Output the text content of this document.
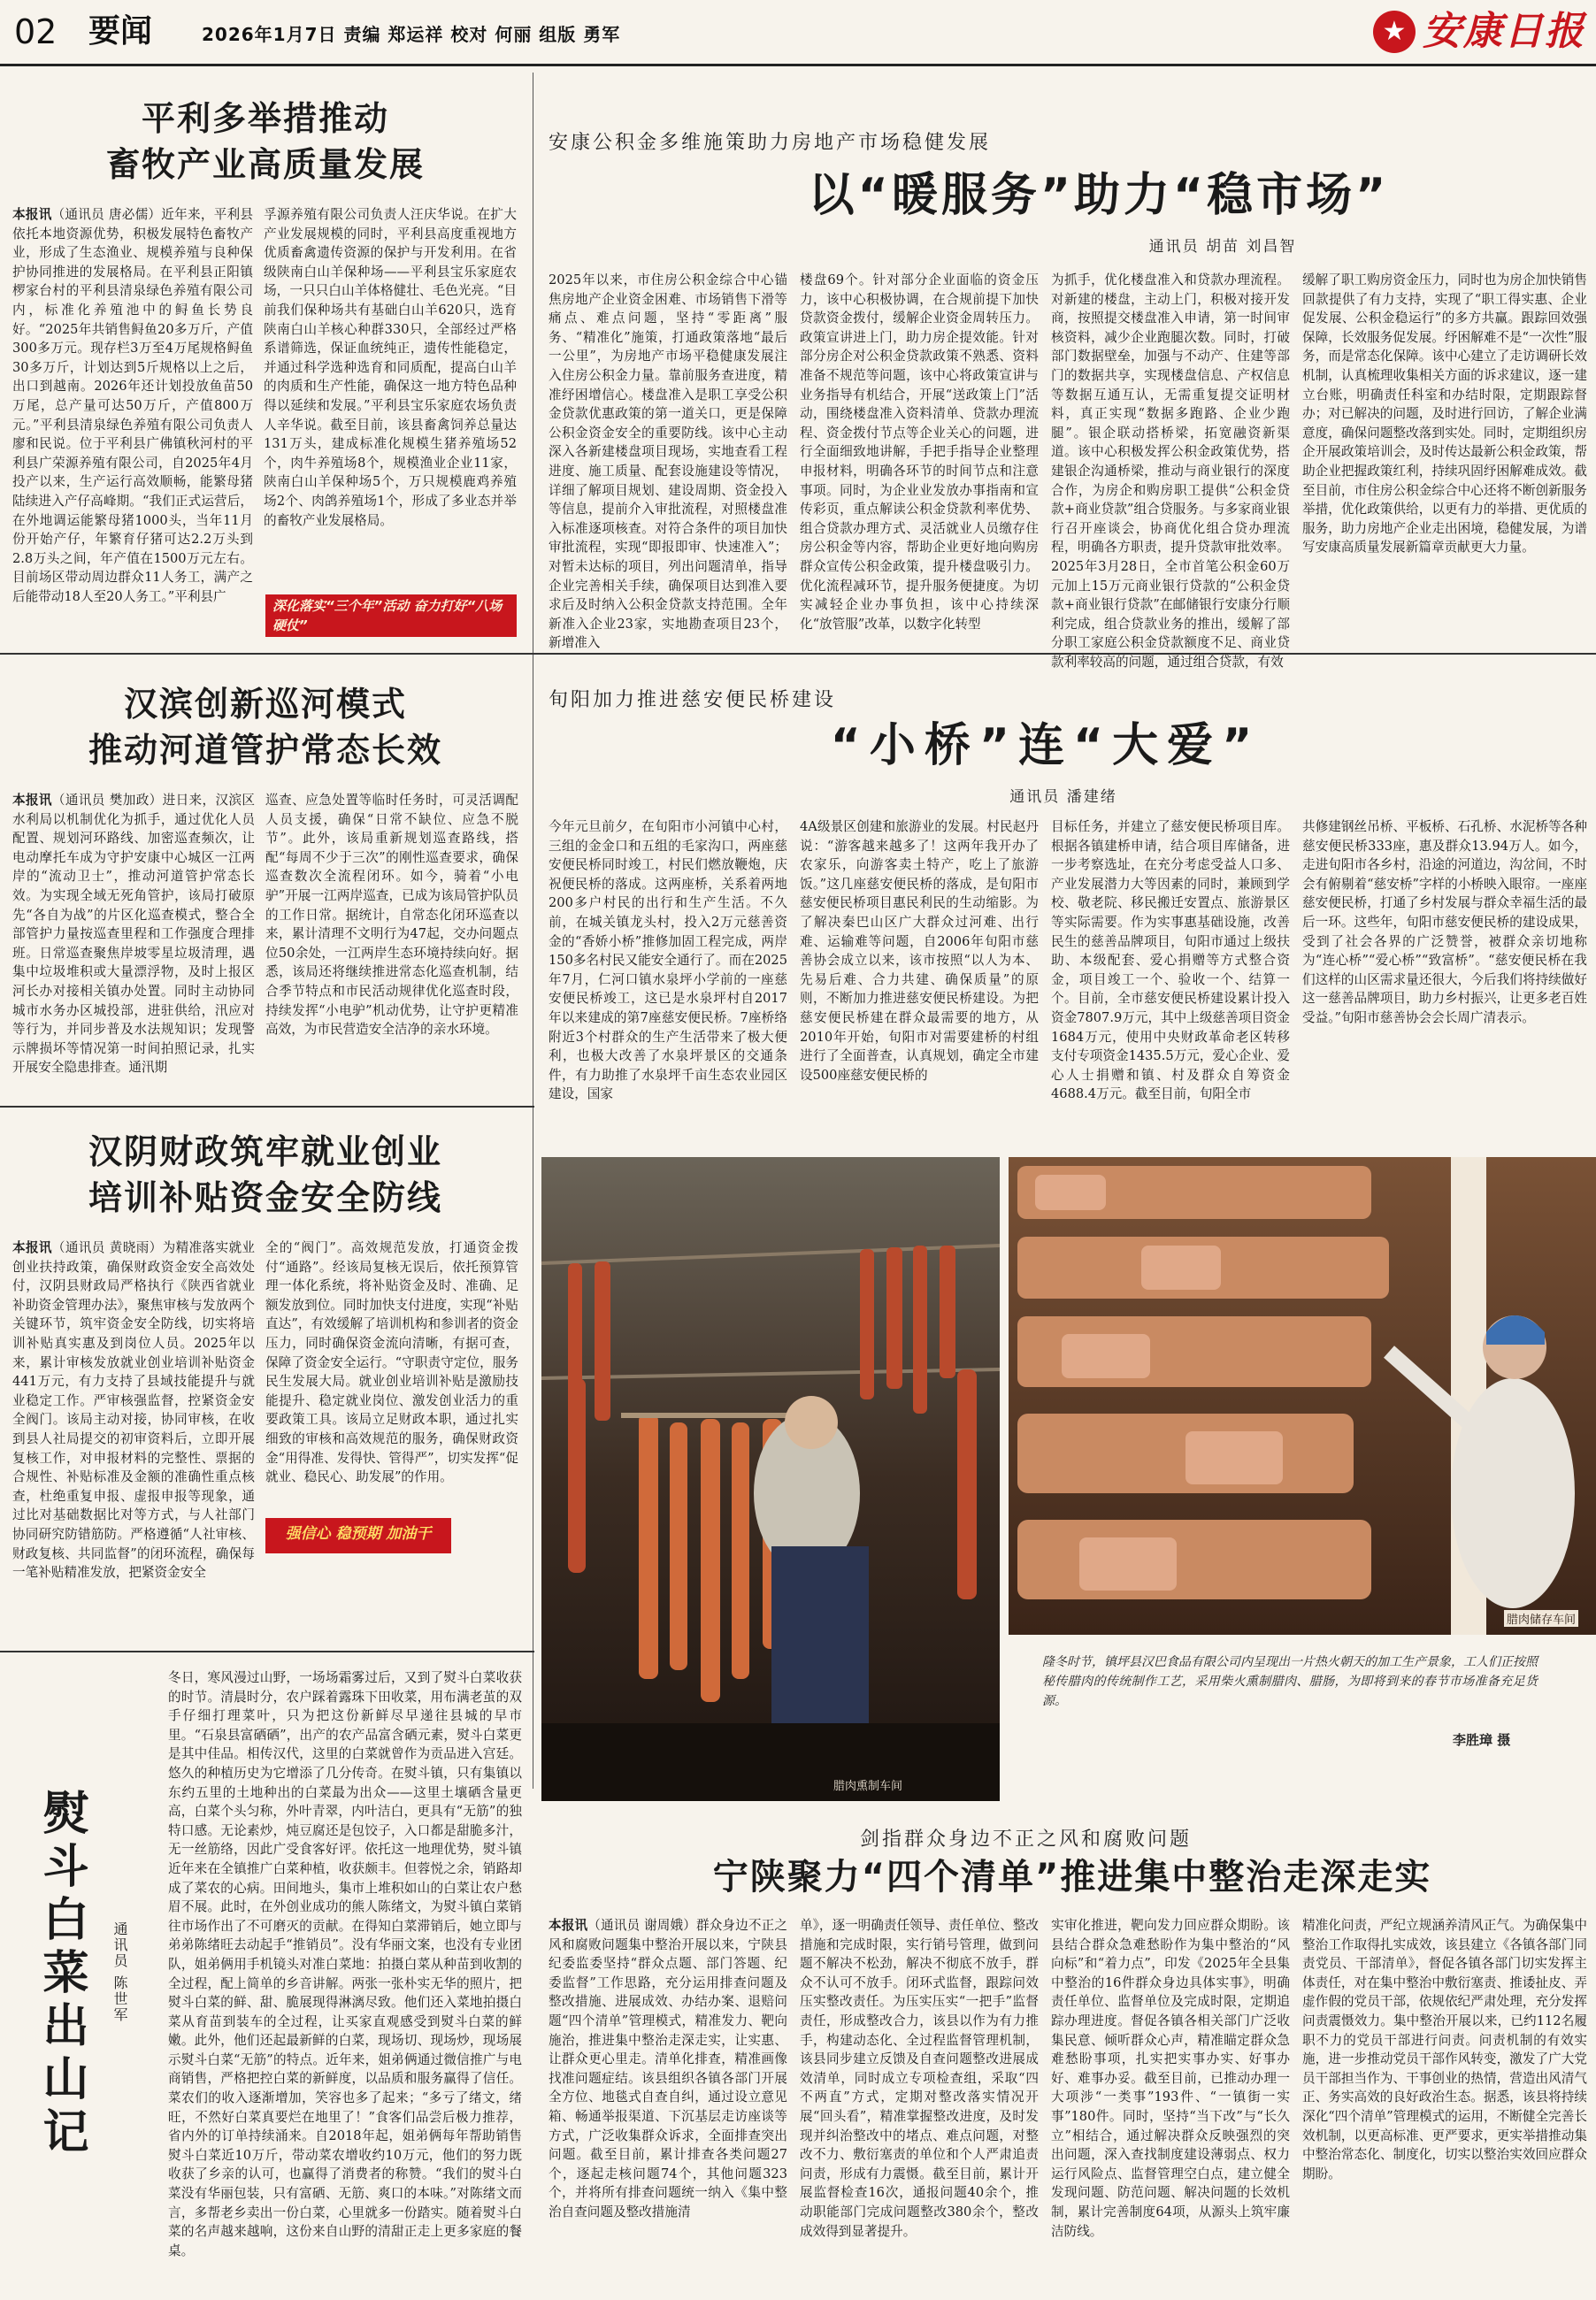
02 要闻	2026年1月7日 责编 郑运祥 校对 何丽 组版 勇军	★ 安康日报
平利多举措推动
畜牧产业高质量发展
本报讯（通讯员 唐必儒）近年来，平利县依托本地资源优势，积极发展特色畜牧产业，形成了生态渔业、规模养殖与良种保护协同推进的发展格局。在平利县正阳镇椤家台村的平利县清泉绿色养殖有限公司内，标准化养殖池中的鲟鱼长势良好。“2025年共销售鲟鱼20多万斤，产值300多万元。现存栏3万至4万尾规格鲟鱼30多万斤，计划达到5斤规格以上之后，出口到越南。2026年还计划投放鱼苗50万尾，总产量可达50万斤，产值800万元。”平利县清泉绿色养殖有限公司负责人廖和民说。位于平利县广佛镇秋河村的平利县广荣源养殖有限公司，自2025年4月投产以来，生产运行高效顺畅，能繁母猪陆续进入产仔高峰期。“我们正式运营后，在外地调运能繁母猪1000头，当年11月份开始产仔，年繁育仔猪可达2.2万头到2.8万头之间，年产值在1500万元左右。目前场区带动周边群众11人务工，满产之后能带动18人至20人务工。”平利县广
孚源养殖有限公司负责人汪庆华说。在扩大产业发展规模的同时，平利县高度重视地方优质畜禽遗传资源的保护与开发利用。在省级陕南白山羊保种场——平利县宝乐家庭农场，一只只白山羊体格健壮、毛色光亮。“目前我们保种场共有基础白山羊620只，选育陕南白山羊核心种群330只，全部经过严格系谱筛选，保证血统纯正，遗传性能稳定，并通过科学选种选育和同质配，提高白山羊的肉质和生产性能，确保这一地方特色品种得以延续和发展。”平利县宝乐家庭农场负责人辛华说。截至目前，该县畜禽饲养总量达131万头，建成标准化规模生猪养殖场52个，肉牛养殖场8个，规模渔业企业11家，陕南白山羊保种场5个，万只规模鹿鸡养殖场2个、肉鸽养殖场1个，形成了多业态并举的畜牧产业发展格局。
深化落实“三个年”活动 奋力打好“八场硬仗”
安康公积金多维施策助力房地产市场稳健发展
以“暖服务”助力“稳市场”
通讯员 胡苗 刘昌智
2025年以来，市住房公积金综合中心锚焦房地产企业资金困难、市场销售下滑等痛点、难点问题，坚持“零距离”服务、“精准化”施策，打通政策落地“最后一公里”，为房地产市场平稳健康发展注入住房公积金力量。靠前服务查进度，精准纾困增信心。楼盘准入是职工享受公积金贷款优惠政策的第一道关口，更是保障公积金资金安全的重要防线。该中心主动深入各新建楼盘项目现场，实地查看工程进度、施工质量、配套设施建设等情况，详细了解项目规划、建设周期、资金投入等信息，提前介入审批流程，对照楼盘准入标准逐项核查。对符合条件的项目加快审批流程，实现“即报即审、快速准入”；对暂未达标的项目，列出问题清单，指导企业完善相关手续，确保项目达到准入要求后及时纳入公积金贷款支持范围。全年新准入企业23家，实地勘查项目23个，新增准入
楼盘69个。针对部分企业面临的资金压力，该中心积极协调，在合规前提下加快贷款资金拨付，缓解企业资金周转压力。政策宣讲进上门，助力房企提效能。针对部分房企对公积金贷款政策不熟悉、资料准备不规范等问题，该中心将政策宣讲与业务指导有机结合，开展“送政策上门”活动，围绕楼盘准入资料清单、贷款办理流程、资金拨付节点等企业关心的问题，进行全面细致地讲解，手把手指导企业整理申报材料，明确各环节的时间节点和注意事项。同时，为企业业发放办事指南和宣传彩页，重点解读公积金贷款利率优势、组合贷款办理方式、灵活就业人员缴存住房公积金等内容，帮助企业更好地向购房群众宣传公积金政策，提升楼盘吸引力。优化流程减环节，提升服务便捷度。为切实减轻企业办事负担，该中心持续深化“放管服”改革，以数字化转型
为抓手，优化楼盘准入和贷款办理流程。对新建的楼盘，主动上门，积极对接开发商，按照提交楼盘准入申请，第一时间审核资料，减少企业跑腿次数。同时，打破部门数据壁垒，加强与不动产、住建等部门的数据共享，实现楼盘信息、产权信息等数据互通互认，无需重复提交证明材料，真正实现“数据多跑路、企业少跑腿”。银企联动搭桥梁，拓宽融资新渠道。该中心积极发挥公积金政策优势，搭建银企沟通桥梁，推动与商业银行的深度合作，为房企和购房职工提供“公积金贷款+商业贷款”组合贷服务。与多家商业银行召开座谈会，协商优化组合贷办理流程，明确各方职责，提升贷款审批效率。2025年3月28日，全市首笔公积金60万元加上15万元商业银行贷款的“公积金贷款+商业银行贷款”在邮储银行安康分行顺利完成，组合贷款业务的推出，缓解了部分职工家庭公积金贷款额度不足、商业贷款利率较高的问题，通过组合贷款，有效
缓解了职工购房资金压力，同时也为房企加快销售回款提供了有力支持，实现了“职工得实惠、企业促发展、公积金稳运行”的多方共赢。跟踪回效强保障，长效服务促发展。纾困解难不是“一次性”服务，而是常态化保障。该中心建立了走访调研长效机制，认真梳理收集相关方面的诉求建议，逐一建立台账，明确责任科室和办结时限，定期跟踪督办；对已解决的问题，及时进行回访，了解企业满意度，确保问题整改落到实处。同时，定期组织房企开展政策培训会，及时传达最新公积金政策，帮助企业把握政策红利，持续巩固纾困解难成效。截至目前，市住房公积金综合中心还将不断创新服务举措，优化政策供给，以更有力的举措、更优质的服务，助力房地产企业走出困境，稳健发展，为谱写安康高质量发展新篇章贡献更大力量。
汉滨创新巡河模式
推动河道管护常态长效
本报讯（通讯员 樊加政）进日来，汉滨区水利局以机制优化为抓手，通过优化人员配置、规划河环路线、加密巡查频次，让电动摩托车成为守护安康中心城区一江两岸的“流动卫士”，推动河道管护常态长效。为实现全域无死角管护，该局打破原先“各自为战”的片区化巡查模式，整合全部管护力量按巡查里程和工作强度合理排班。日常巡查聚焦岸坡零星垃圾清理，遇集中垃圾堆积或大量漂浮物，及时上报区河长办对接相关镇办处置。同时主动协同城市水务办区城投部，进驻供给，汛应对等行为，并同步普及水法规知识；发现警示牌损坏等情况第一时间拍照记录，扎实开展安全隐患排查。通汛期
巡查、应急处置等临时任务时，可灵活调配人员支援，确保“日常不缺位、应急不脱节”。此外，该局重新规划巡查路线，搭配“每周不少于三次”的刚性巡查要求，确保巡查数次全流程闭环。如今，骑着“小电驴”开展一江两岸巡查，已成为该局管护队员的工作日常。据统计，自常态化闭环巡查以来，累计清理不文明行为47起，交办问题点位50余处，一江两岸生态环境持续向好。据悉，该局还将继续推进常态化巡查机制，结合季节特点和市民活动规律优化巡查时段，持续发挥“小电驴”机动优势，让守护更精准高效，为市民营造安全洁净的亲水环境。
旬阳加力推进慈安便民桥建设
“小桥”连“大爱”
通讯员 潘建绪
今年元旦前夕，在旬阳市小河镇中心村，三组的金金口和五组的毛家沟口，两座慈安便民桥同时竣工，村民们燃放鞭炮，庆祝便民桥的落成。这两座桥，关系着两地200多户村民的出行和生产生活。不久前，在城关镇龙头村，投入2万元慈善资金的“香娇小桥”推修加固工程完成，两岸150多名村民又能安全通行了。而在2025年7月，仁河口镇水泉坪小学前的一座慈安便民桥竣工，这已是水泉坪村自2017年以来建成的第7座慈安便民桥。7座桥络附近3个村群众的生产生活带来了极大便利，也极大改善了水泉坪景区的交通条件，有力助推了水泉坪千亩生态农业园区建设，国家
4A级景区创建和旅游业的发展。村民赵丹说：“游客越来越多了！这两年我开办了农家乐，向游客卖土特产，吃上了旅游饭。”这几座慈安便民桥的落成，是旬阳市慈安便民桥项目惠民利民的生动缩影。为了解决秦巴山区广大群众过河难、出行难、运输难等问题，自2006年旬阳市慈善协会成立以来，该市按照“以人为本、先易后难、合力共建、确保质量”的原则，不断加力推进慈安便民桥建设。为把慈安便民桥建在群众最需要的地方，从2010年开始，旬阳市对需要建桥的村组进行了全面普查，认真规划，确定全市建设500座慈安便民桥的
目标任务，并建立了慈安便民桥项目库。根据各镇建桥申请，结合项目库储备，进一步考察选址，在充分考虑受益人口多、产业发展潜力大等因素的同时，兼顾到学校、敬老院、移民搬迁安置点、旅游景区等实际需要。作为实事惠基础设施，改善民生的慈善品牌项目，旬阳市通过上级扶助、本级配套、爱心捐赠等方式整合资金，项目竣工一个、验收一个、结算一个。目前，全市慈安便民桥建设累计投入资金7807.9万元，其中上级慈善项目资金1684万元，使用中央财政革命老区转移支付专项资金1435.5万元，爱心企业、爱心人士捐赠和镇、村及群众自筹资金4688.4万元。截至目前，旬阳全市
共修建钢丝吊桥、平板桥、石孔桥、水泥桥等各种慈安便民桥333座，惠及群众13.94万人。如今，走进旬阳市各乡村，沿途的河道边，沟岔间，不时会有俯剔着“慈安桥”字样的小桥映入眼帘。一座座慈安便民桥，打通了乡村发展与群众幸福生活的最后一环。这些年，旬阳市慈安便民桥的建设成果，受到了社会各界的广泛赞誉，被群众亲切地称为“连心桥”“爱心桥”“致富桥”。“慈安便民桥在我们这样的山区需求量还很大，今后我们将持续做好这一慈善品牌项目，助力乡村振兴，让更多老百姓受益。”旬阳市慈善协会会长周广清表示。
汉阴财政筑牢就业创业
培训补贴资金安全防线
本报讯（通讯员 黄晓雨）为精准落实就业创业扶持政策，确保财政资金安全高效处付，汉阴县财政局严格执行《陕西省就业补助资金管理办法》，聚焦审核与发放两个关键环节，筑牢资金安全防线，切实将培训补贴真实惠及到岗位人员。2025年以来，累计审核发放就业创业培训补贴资金441万元，有力支持了县域技能提升与就业稳定工作。严审核强监督，控紧资金安全阀门。该局主动对接，协同审核，在收到县人社局提交的初审资料后，立即开展复核工作，对申报材料的完整性、票据的合规性、补贴标准及金额的准确性重点核查，杜绝重复申报、虚报申报等现象，通过比对基础数据比对等方式，与人社部门协同研究防错筋防。严格遵循“人社审核、财政复核、共同监督”的闭环流程，确保每一笔补贴精准发放，把紧资金安全
全的“阀门”。高效规范发放，打通资金拨付“通路”。经该局复核无误后，依托预算管理一体化系统，将补贴资金及时、准确、足额发放到位。同时加快支付进度，实现“补贴直达”，有效缓解了培训机构和参训者的资金压力，同时确保资金流向清晰，有据可查，保障了资金安全运行。“守职责守定位，服务民生发展大局。就业创业培训补贴是激励技能提升、稳定就业岗位、激发创业活力的重要政策工具。该局立足财政本职，通过扎实细致的审核和高效规范的服务，确保财政资金“用得准、发得快、管得严”，切实发挥“促就业、稳民心、助发展”的作用。
强信心 稳预期 加油干
熨斗白菜出山记	通讯员 陈世军
冬日，寒风漫过山野，一场场霜雾过后，又到了熨斗白菜收获的时节。清晨时分，农户踩着露珠下田收菜，用布满老茧的双手仔细打理菜叶，只为把这份新鲜尽早递往县城的早市里。“石泉县富硒硒”，出产的农产品富含硒元素，熨斗白菜更是其中佳品。相传汉代，这里的白菜就曾作为贡品进入宫廷。悠久的种植历史为它增添了几分传奇。在熨斗镇，只有集镇以东约五里的土地种出的白菜最为出众——这里土壤硒含量更高，白菜个头匀称，外叶青翠，内叶洁白，更具有“无筋”的独特口感。无论素炒，炖豆腐还是包饺子，入口都是甜脆多汁，无一丝筋络，因此广受食客好评。依托这一地理优势，熨斗镇近年来在全镇推广白菜种植，收获颇丰。但蓉悦之余，销路却成了菜农的心病。田间地头，集市上堆积如山的白菜让农户愁眉不展。此时，在外创业成功的熊人陈绪文，为熨斗镇白菜销往市场作出了不可磨灭的贡献。在得知白菜滞销后，她立即与弟弟陈绪旺去动起手“推销员”。没有华丽文案，也没有专业团队，姐弟俩用手机镜头对准白菜地：拍摄白菜从种苗到收割的全过程，配上简单的乡音讲解。两张一张朴实无华的照片，把熨斗白菜的鲜、甜、脆展现得淋漓尽致。他们还入菜地拍摄白菜从育苗到装车的全过程，让买家直观感受到熨斗白菜的鲜嫩。此外，他们还起最新鲜的白菜，现场切、现场炒，现场展示熨斗白菜“无筋”的特点。近年来，姐弟俩通过微信推广与电商销售，严格把控白菜的新鲜度，以品质和服务赢得了信任。菜农们的收入逐渐增加，笑容也多了起来；“多亏了绪文，绪旺，不然好白菜真要烂在地里了！”食客们品尝后极力推荐，省内外的订单持续涌来。自2018年起，姐弟俩每年帮助销售熨斗白菜近10万斤，带动菜农增收约10万元，他们的努力既收获了乡亲的认可，也赢得了消费者的称赞。“我们的熨斗白菜没有华丽包装，只有富硒、无筋、爽口的本味。”对陈绪文而言，多帮老乡卖出一份白菜，心里就多一份踏实。随着熨斗白菜的名声越来越响，这份来自山野的清甜正走上更多家庭的餐桌。
腊肉熏制车间
腊肉储存车间
隆冬时节，镇坪县汉巴食品有限公司内呈现出一片热火朝天的加工生产景象，工人们正按照秘传腊肉的传统制作工艺，采用柴火熏制腊肉、腊肠，为即将到来的春节市场准备充足货源。
李胜璋 摄
剑指群众身边不正之风和腐败问题
宁陕聚力“四个清单”推进集中整治走深走实
本报讯（通讯员 谢周娥）群众身边不正之风和腐败问题集中整治开展以来，宁陕县纪委监委坚持“群众点题、部门答题、纪委监督”工作思路，充分运用排查问题及整改措施、进展成效、办结办案、退赔问题“四个清单”管理模式，精准发力、靶向施治，推进集中整治走深走实，让实惠、让群众更心里走。清单化排查，精准画像找准问题症结。该县组织各镇各部门开展全方位、地毯式自查自纠，通过设立意见箱、畅通举报渠道、下沉基层走访座谈等方式，广泛收集群众诉求，全面排查突出问题。截至目前，累计排查各类问题27个，逐起走核问题74个，其他问题323个，并将所有排查问题统一纳入《集中整治自查问题及整改措施清
单》，逐一明确责任领导、责任单位、整改措施和完成时限，实行销号管理，做到问题不解决不松劲，解决不彻底不放手，群众不认可不放手。闭环式监督，跟踪问效压实整改责任。为压实压实“一把手”监督责任，形成整改合力，该县以作为有力推手，构建动态化、全过程监督管理机制，该县同步建立反馈及自查问题整改进展成效清单，同时成立专项检查组，采取“四不两直”方式，定期对整改落实情况开展“回头看”，精准掌握整改进度，及时发现并纠治整改中的堵点、难点问题，对整改不力、敷衍塞责的单位和个人严肃追责问责，形成有力震慑。截至目前，累计开展监督检查16次，通报问题40余个，推动职能部门完成问题整改380余个，整改成效得到显著提升。
实审化推进，靶向发力回应群众期盼。该县结合群众急难愁盼作为集中整治的“风向标”和“着力点”，印发《2025年全县集中整治的16件群众身边具体实事》，明确责任单位、监督单位及完成时限，定期追踪办理进度。督促各镇各相关部门广泛收集民意、倾听群众心声，精准瞄定群众急难愁盼事项，扎实把实事办实、好事办好、难事办妥。截至目前，已推动办理一大项涉“一类事”193件、“一镇街一实事”180件。同时，坚持“当下改”与“长久立”相结合，通过解决群众反映强烈的突出问题，深入查找制度建设薄弱点、权力运行风险点、监督管理空白点，建立健全发现问题、防范问题、解决问题的长效机制，累计完善制度64项，从源头上筑牢廉洁防线。
精准化问责，严纪立规涵养清风正气。为确保集中整治工作取得扎实成效，该县建立《各镇各部门同责党员、干部清单》，督促各镇各部门切实发挥主体责任，对在集中整治中敷衍塞责、推诿扯皮、弄虚作假的党员干部，依规依纪严肃处理，充分发挥问责震慑效力。集中整治开展以来，已约112名履职不力的党员干部进行问责。问责机制的有效实施，进一步推动党员干部作风转变，激发了广大党员干部担当作为、干事创业的热情，营造出风清气正、务实高效的良好政治生态。据悉，该县将持续深化“四个清单”管理模式的运用，不断健全完善长效机制，以更高标准、更严要求，更实举措推动集中整治常态化、制度化，切实以整治实效回应群众期盼。
